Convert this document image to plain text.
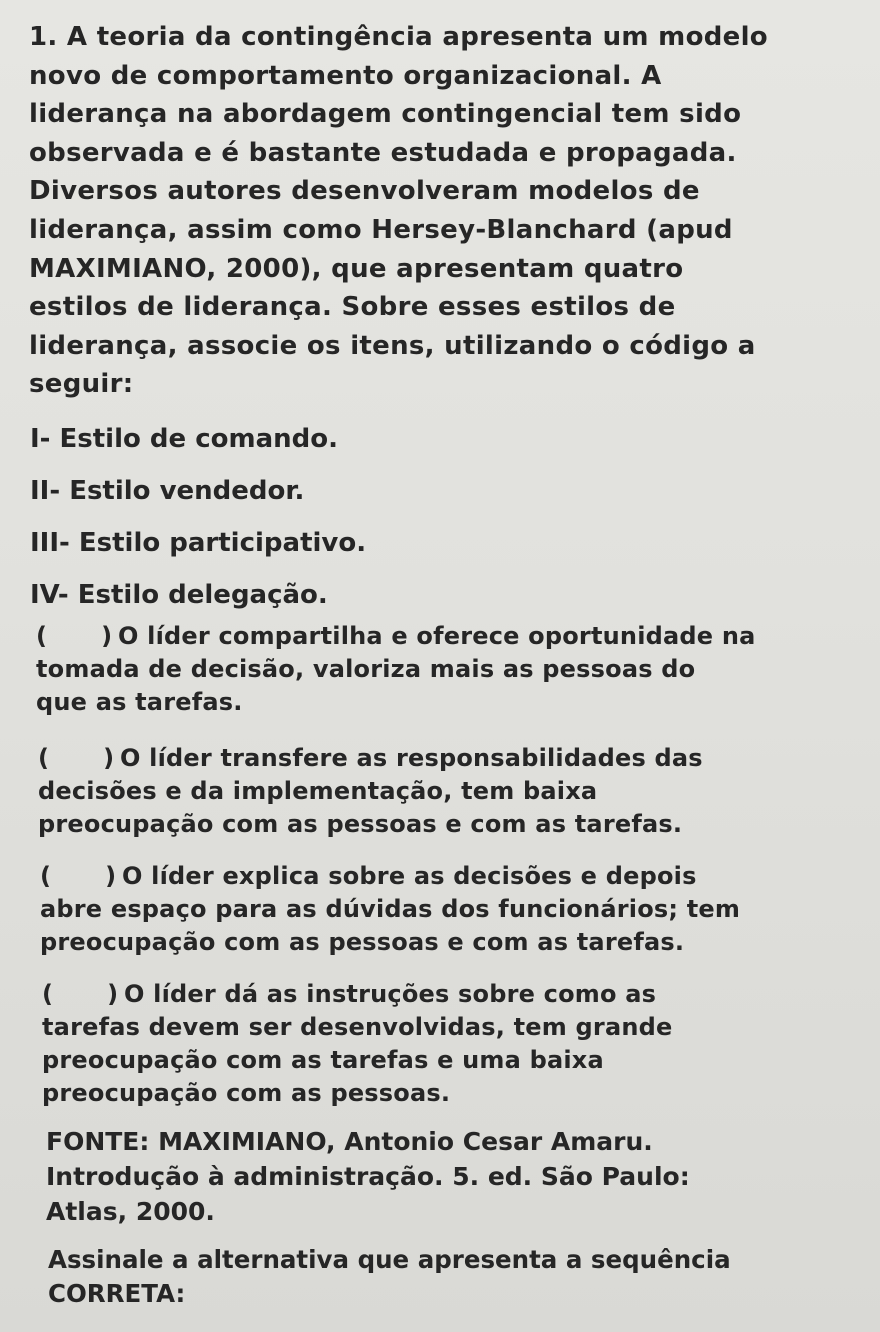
1. A teoria da contingência apresenta um modelo
novo de comportamento organizacional. A
liderança na abordagem contingencial tem sido
observada e é bastante estudada e propagada.
Diversos autores desenvolveram modelos de
liderança, assim como Hersey-Blanchard (apud
MAXIMIANO, 2000), que apresentam quatro
estilos de liderança. Sobre esses estilos de
liderança, associe os itens, utilizando o código a
seguir:
I- Estilo de comando.
II- Estilo vendedor.
III- Estilo participativo.
IV- Estilo delegação.
( ) O líder compartilha e oferece oportunidade na
tomada de decisão, valoriza mais as pessoas do
que as tarefas.
( ) O líder transfere as responsabilidades das
decisões e da implementação, tem baixa
preocupação com as pessoas e com as tarefas.
( ) O líder explica sobre as decisões e depois
abre espaço para as dúvidas dos funcionários; tem
preocupação com as pessoas e com as tarefas.
( ) O líder dá as instruções sobre como as
tarefas devem ser desenvolvidas, tem grande
preocupação com as tarefas e uma baixa
preocupação com as pessoas.
FONTE: MAXIMIANO, Antonio Cesar Amaru.
Introdução à administração. 5. ed. São Paulo:
Atlas, 2000.
Assinale a alternativa que apresenta a sequência
CORRETA:
